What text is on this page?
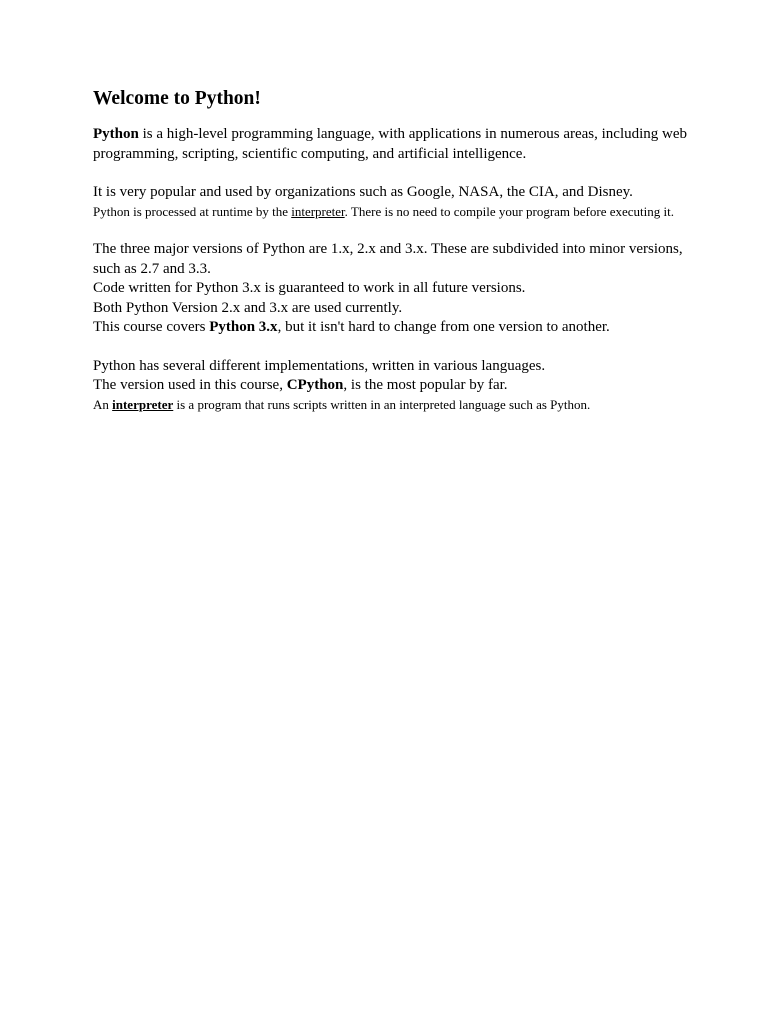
Welcome to Python!

Python is a high-level programming language, with applications in numerous areas, including web programming, scripting, scientific computing, and artificial intelligence.

It is very popular and used by organizations such as Google, NASA, the CIA, and Disney.

Python is processed at runtime by the interpreter. There is no need to compile your program before executing it.

The three major versions of Python are 1.x, 2.x and 3.x. These are subdivided into minor versions, such as 2.7 and 3.3.

Code written for Python 3.x is guaranteed to work in all future versions.

Both Python Version 2.x and 3.x are used currently.

This course covers Python 3.x, but it isn't hard to change from one version to another.

Python has several different implementations, written in various languages.

The version used in this course, CPython, is the most popular by far.

An interpreter is a program that runs scripts written in an interpreted language such as Python.
